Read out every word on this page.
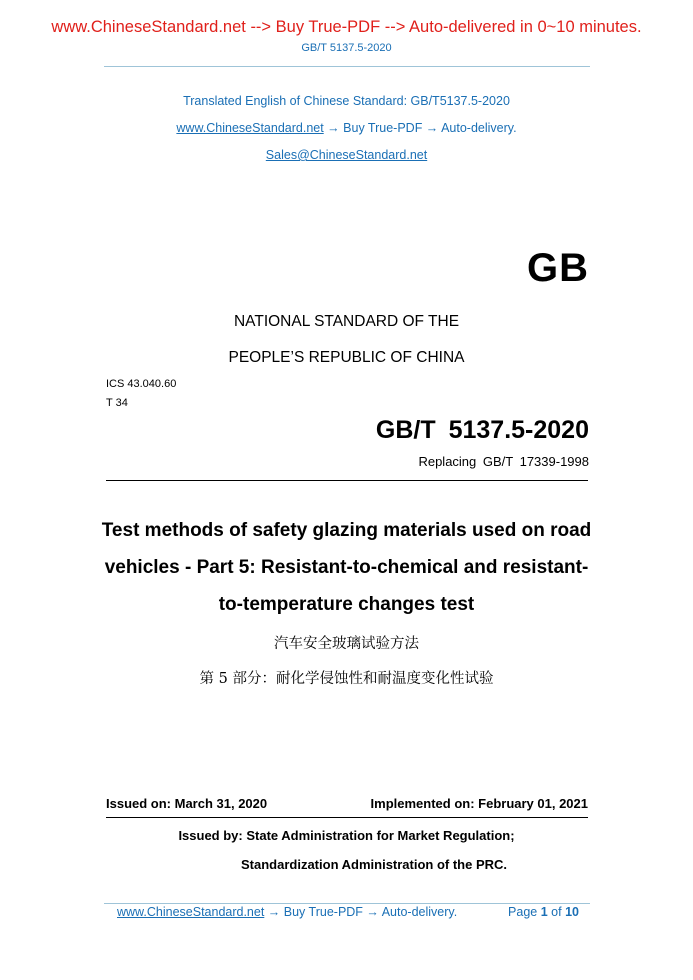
www.ChineseStandard.net --> Buy True-PDF --> Auto-delivered in 0~10 minutes.
GB/T 5137.5-2020
Translated English of Chinese Standard: GB/T5137.5-2020
www.ChineseStandard.net → Buy True-PDF → Auto-delivery.
Sales@ChineseStandard.net
GB
NATIONAL STANDARD OF THE
PEOPLE’S REPUBLIC OF CHINA
ICS 43.040.60
T 34
GB/T 5137.5-2020
Replacing GB/T 17339-1998
Test methods of safety glazing materials used on road
vehicles - Part 5: Resistant-to-chemical and resistant-
to-temperature changes test
汽车安全玻璃试验方法
第 5 部分：耐化学侵蚀性和耐温度变化性试验
Issued on: March 31, 2020	Implemented on: February 01, 2021
Issued by: State Administration for Market Regulation;
Standardization Administration of the PRC.
www.ChineseStandard.net → Buy True-PDF → Auto-delivery.	Page 1 of 10
